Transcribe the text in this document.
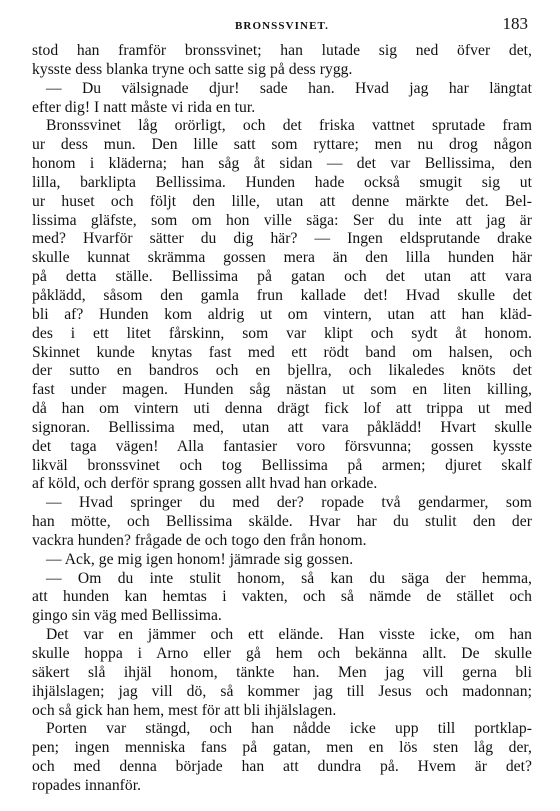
BRONSSVINET.	183
stod han framför bronssvinet; han lutade sig ned öfver det,
kysste dess blanka tryne och satte sig på dess rygg.
— Du välsignade djur! sade han. Hvad jag har längtat
efter dig! I natt måste vi rida en tur.
Bronssvinet låg orörligt, och det friska vattnet sprutade fram
ur dess mun. Den lille satt som ryttare; men nu drog någon
honom i kläderna; han såg åt sidan — det var Bellissima, den
lilla, barklipta Bellissima. Hunden hade också smugit sig ut
ur huset och följt den lille, utan att denne märkte det. Bel-
lissima gläfste, som om hon ville säga: Ser du inte att jag är
med? Hvarför sätter du dig här? — Ingen eldsprutande drake
skulle kunnat skrämma gossen mera än den lilla hunden här
på detta ställe. Bellissima på gatan och det utan att vara
påklädd, såsom den gamla frun kallade det! Hvad skulle det
bli af? Hunden kom aldrig ut om vintern, utan att han kläd-
des i ett litet fårskinn, som var klipt och sydt åt honom.
Skinnet kunde knytas fast med ett rödt band om halsen, och
der sutto en bandros och en bjellra, och likaledes knöts det
fast under magen. Hunden såg nästan ut som en liten killing,
då han om vintern uti denna drägt fick lof att trippa ut med
signoran. Bellissima med, utan att vara påklädd! Hvart skulle
det taga vägen! Alla fantasier voro försvunna; gossen kysste
likväl bronssvinet och tog Bellissima på armen; djuret skalf
af köld, och derför sprang gossen allt hvad han orkade.
— Hvad springer du med der? ropade två gendarmer, som
han mötte, och Bellissima skälde. Hvar har du stulit den der
vackra hunden? frågade de och togo den från honom.
— Ack, ge mig igen honom! jämrade sig gossen.
— Om du inte stulit honom, så kan du säga der hemma,
att hunden kan hemtas i vakten, och så nämde de stället och
gingo sin väg med Bellissima.
Det var en jämmer och ett elände. Han visste icke, om han
skulle hoppa i Arno eller gå hem och bekänna allt. De skulle
säkert slå ihjäl honom, tänkte han. Men jag vill gerna bli
ihjälslagen; jag vill dö, så kommer jag till Jesus och madonnan;
och så gick han hem, mest för att bli ihjälslagen.
Porten var stängd, och han nådde icke upp till portklap-
pen; ingen menniska fans på gatan, men en lös sten låg der,
och med denna började han att dundra på. Hvem är det?
ropades innanför.
